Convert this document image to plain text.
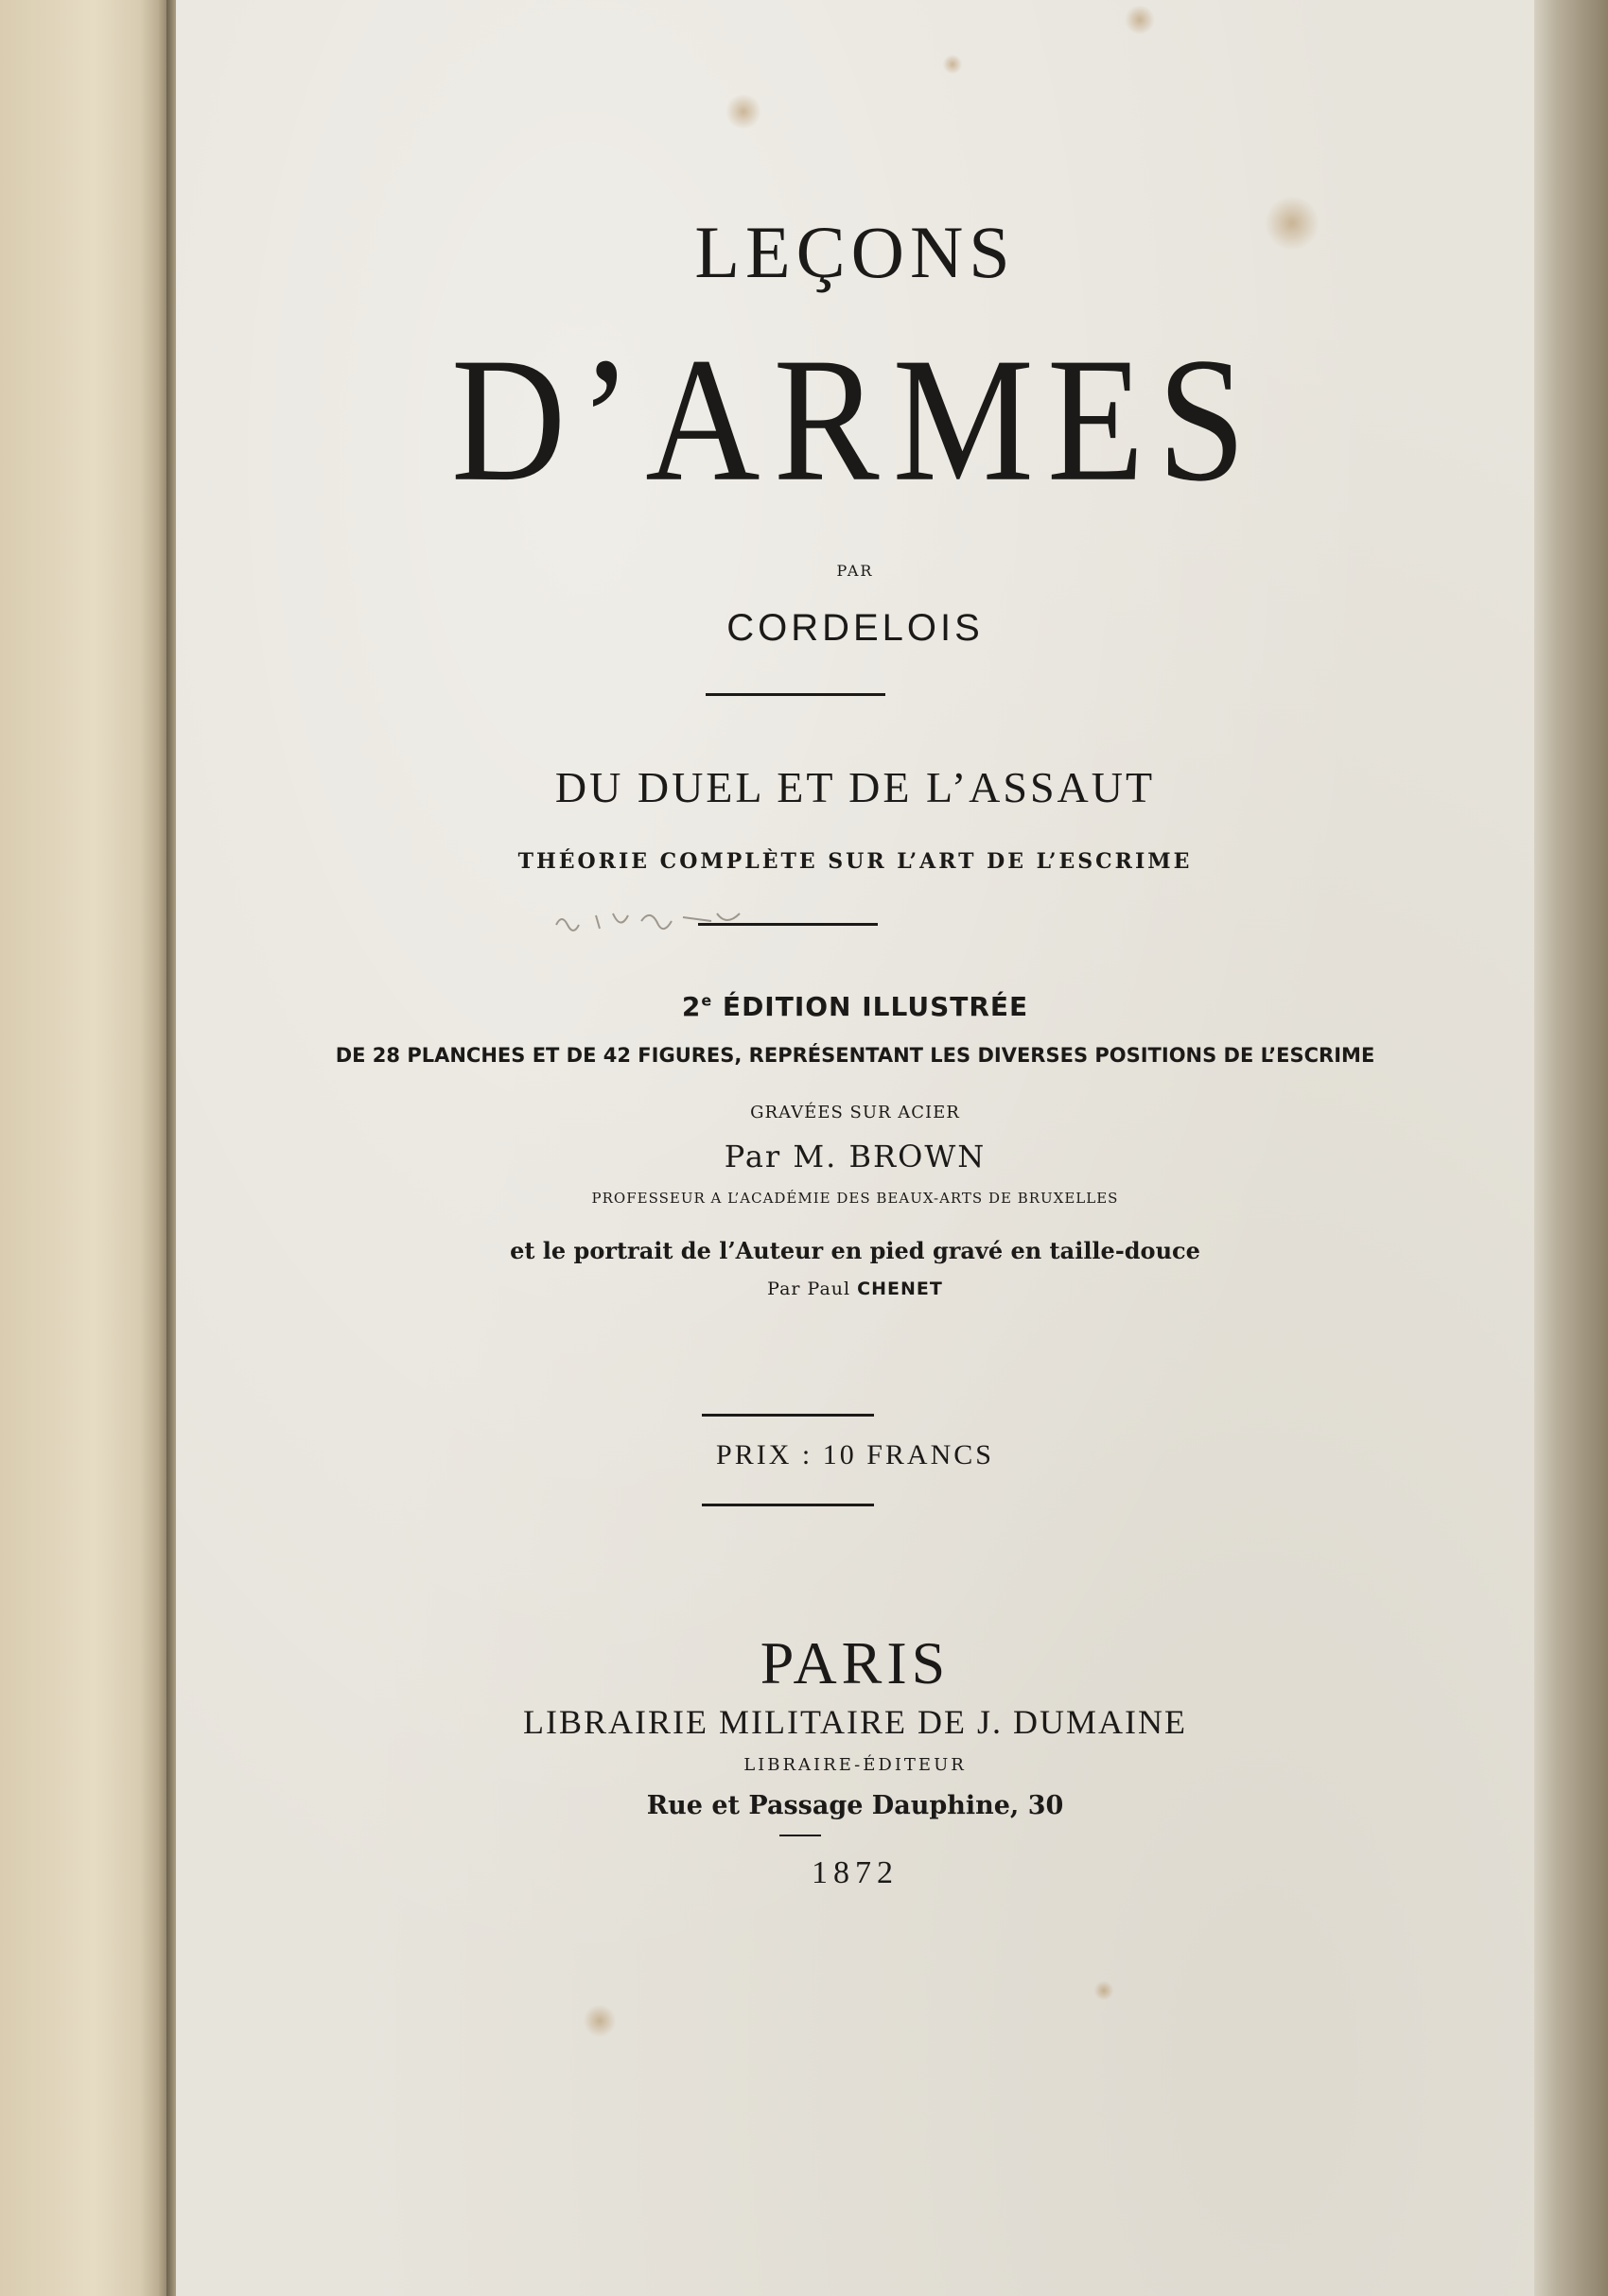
LEÇONS
D’ARMES
PAR
CORDELOIS
DU DUEL ET DE L’ASSAUT
THÉORIE COMPLÈTE SUR L’ART DE L’ESCRIME
2e ÉDITION ILLUSTRÉE
DE 28 PLANCHES ET DE 42 FIGURES, REPRÉSENTANT LES DIVERSES POSITIONS DE L’ESCRIME
GRAVÉES SUR ACIER
Par M. BROWN
PROFESSEUR A L’ACADÉMIE DES BEAUX-ARTS DE BRUXELLES
et le portrait de l’Auteur en pied gravé en taille-douce
Par Paul CHENET
PRIX : 10 FRANCS
PARIS
LIBRAIRIE MILITAIRE DE J. DUMAINE
LIBRAIRE-ÉDITEUR
Rue et Passage Dauphine, 30
1872
